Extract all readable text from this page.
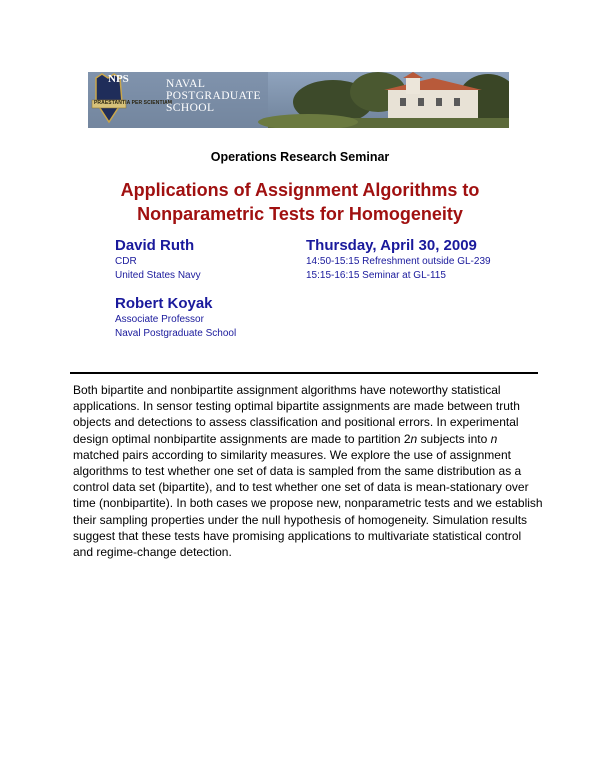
NPS
PRAESTANTIA PER SCIENTIAM
NAVAL
POSTGRADUATE
SCHOOL
Operations Research Seminar
Applications of Assignment Algorithms to
Nonparametric Tests for Homogeneity
David Ruth
CDR
United States Navy
Robert Koyak
Associate Professor
Naval Postgraduate School
Thursday, April 30, 2009
14:50-15:15 Refreshment outside GL-239
15:15-16:15 Seminar at GL-115
Both bipartite and nonbipartite assignment algorithms have noteworthy statistical applications. In sensor testing optimal bipartite assignments are made between truth objects and detections to assess classification and positional errors. In experimental design optimal nonbipartite assignments are made to partition 2n subjects into n matched pairs according to similarity measures. We explore the use of assignment algorithms to test whether one set of data is sampled from the same distribution as a control data set (bipartite), and to test whether one set of data is mean-stationary over time (nonbipartite). In both cases we propose new, nonparametric tests and we establish their sampling properties under the null hypothesis of homogeneity. Simulation results suggest that these tests have promising applications to multivariate statistical control and regime-change detection.
